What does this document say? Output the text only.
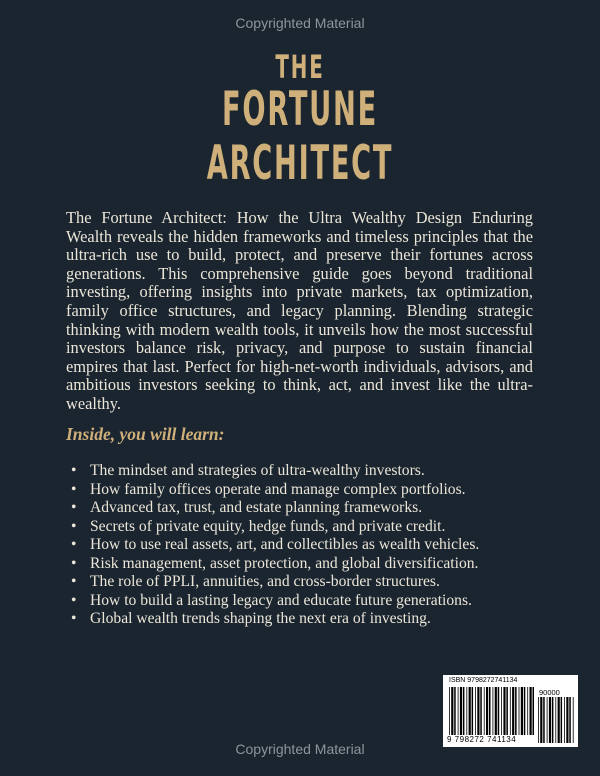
Copyrighted Material
THE
FORTUNE
ARCHITECT

The Fortune Architect: How the Ultra Wealthy Design Enduring Wealth reveals the hidden frameworks and timeless principles that the ultra-rich use to build, protect, and preserve their fortunes across generations. This comprehensive guide goes beyond traditional investing, offering insights into private markets, tax optimization, family office structures, and legacy planning. Blending strategic thinking with modern wealth tools, it unveils how the most successful investors balance risk, privacy, and purpose to sustain financial empires that last. Perfect for high-net-worth individuals, advisors, and ambitious investors seeking to think, act, and invest like the ultra-wealthy.

Inside, you will learn:
• The mindset and strategies of ultra-wealthy investors.
• How family offices operate and manage complex portfolios.
• Advanced tax, trust, and estate planning frameworks.
• Secrets of private equity, hedge funds, and private credit.
• How to use real assets, art, and collectibles as wealth vehicles.
• Risk management, asset protection, and global diversification.
• The role of PPLI, annuities, and cross-border structures.
• How to build a lasting legacy and educate future generations.
• Global wealth trends shaping the next era of investing.
ISBN 9798272741134
90000
9 798272 741134
Copyrighted Material
